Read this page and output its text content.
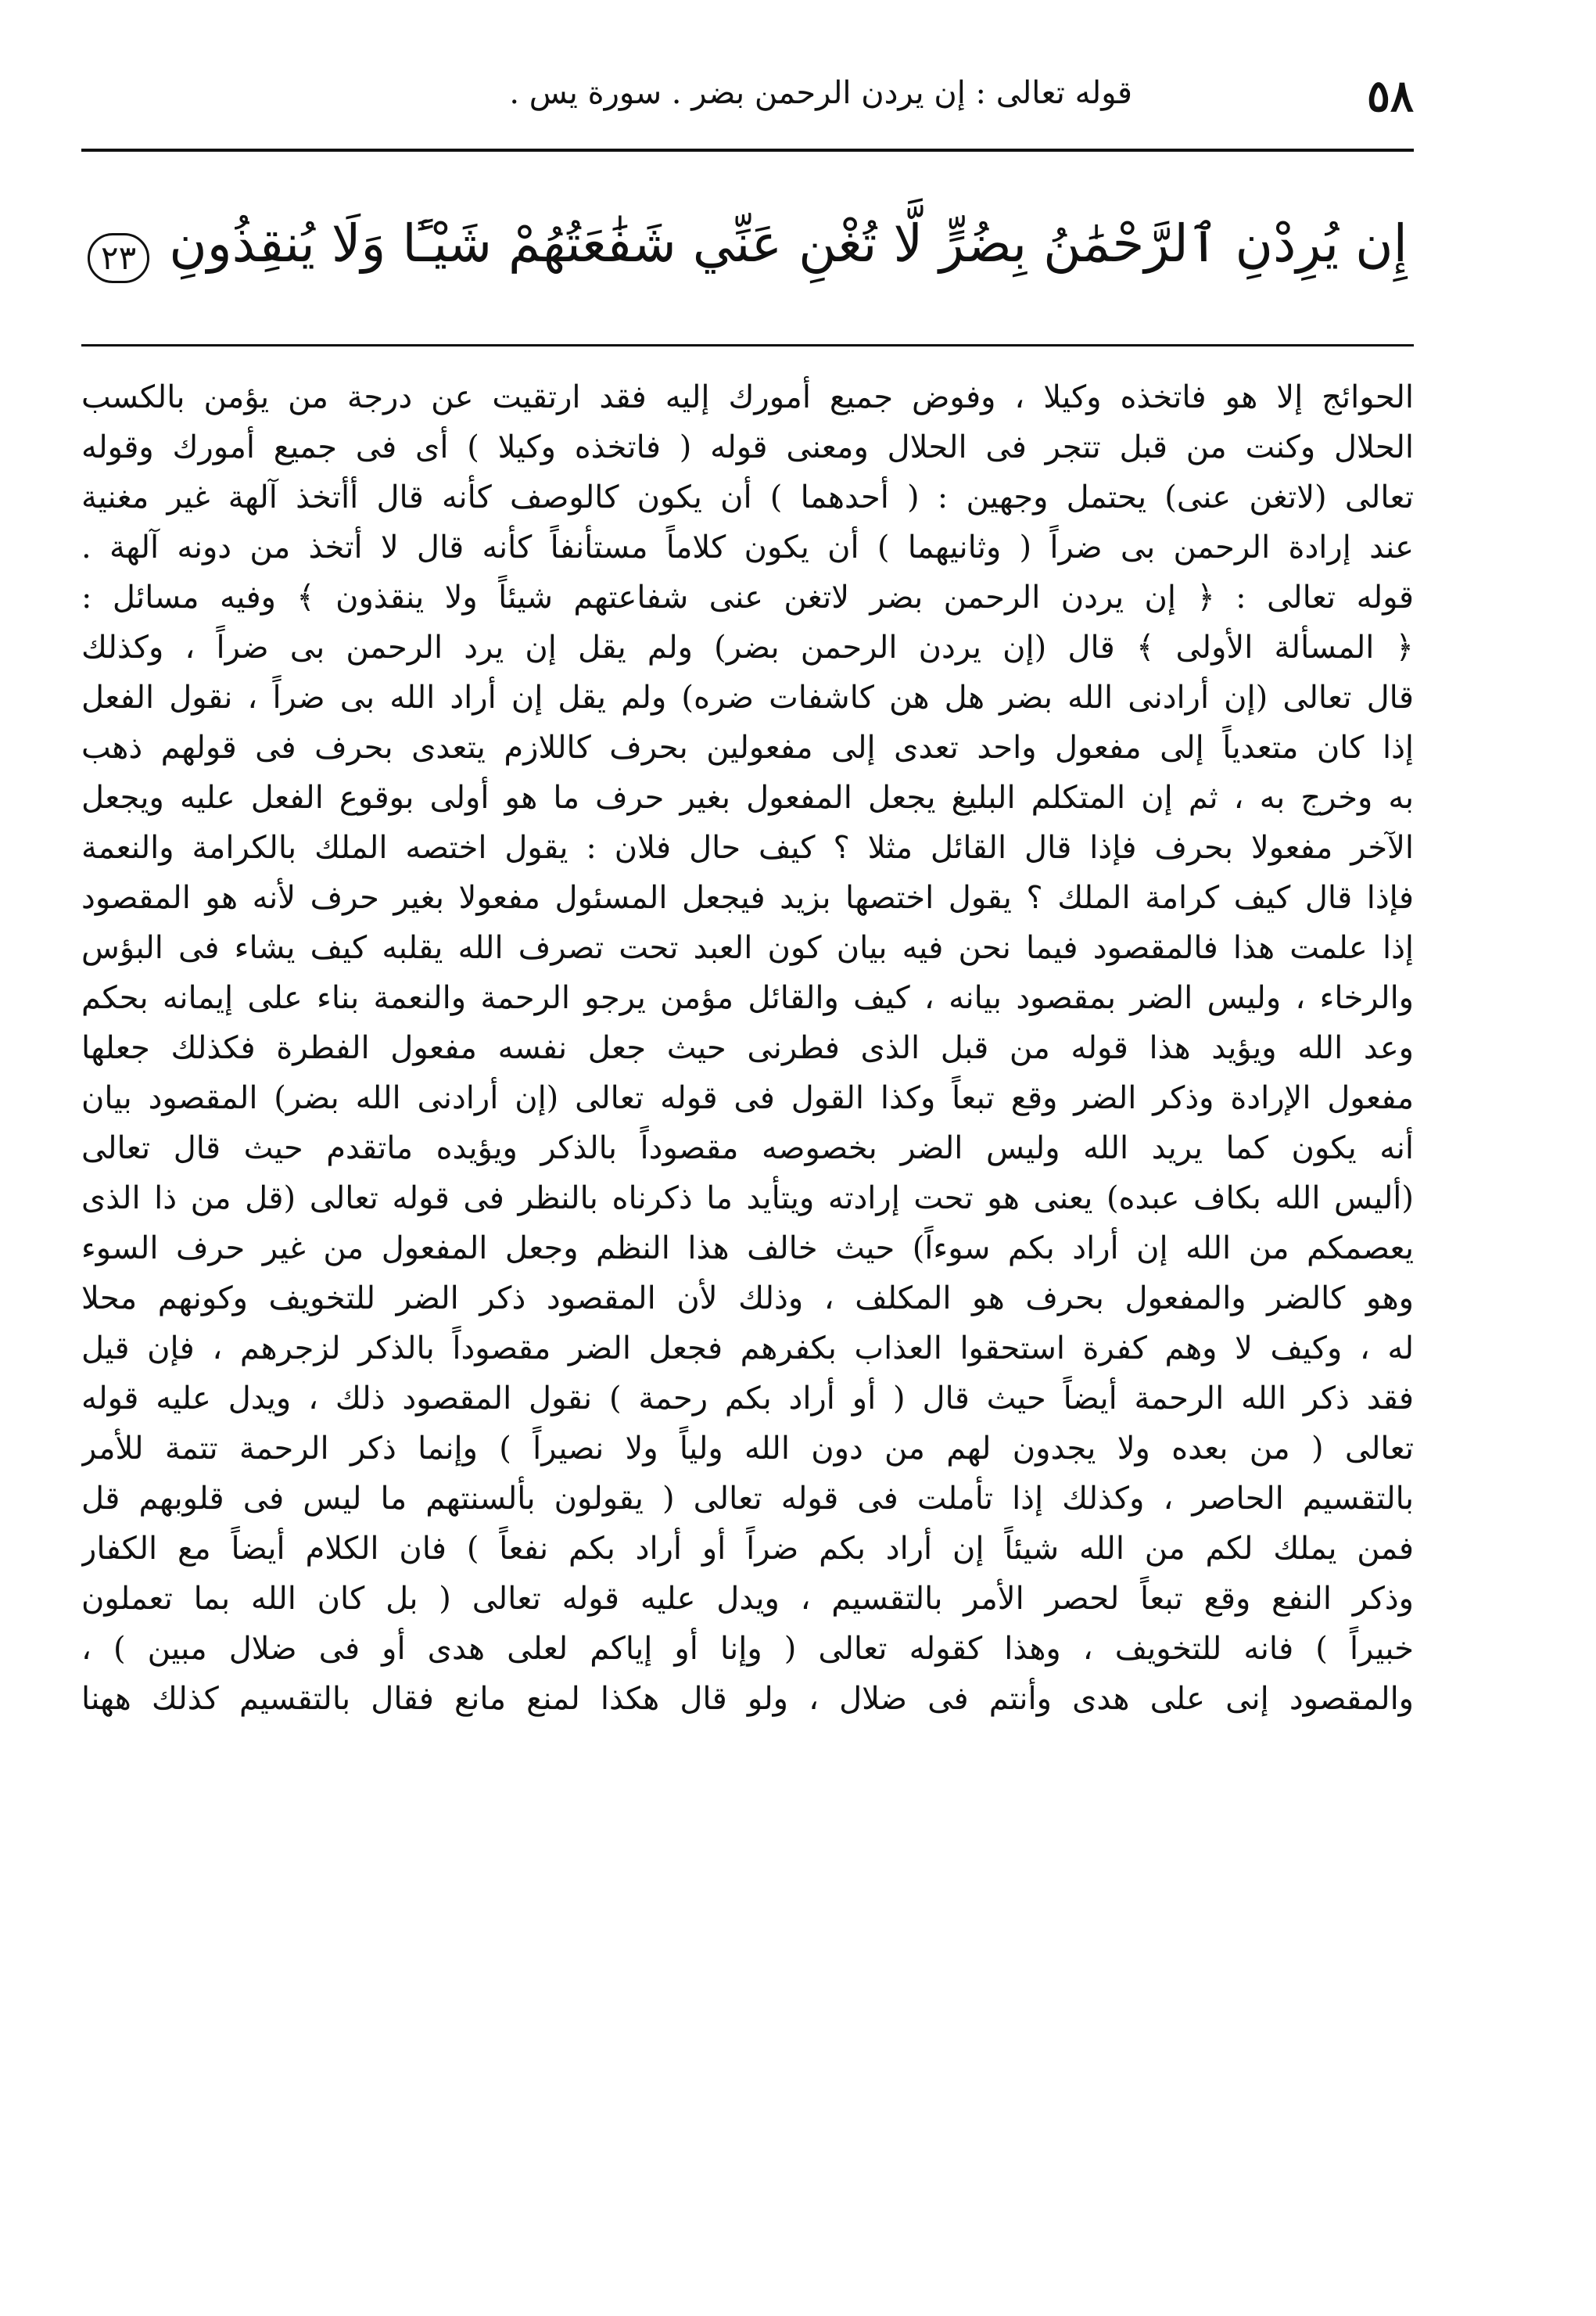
٥٨
قوله تعالى : إن يردن الرحمن بضر . سورة يس .
إِن يُرِدْنِ ٱلرَّحْمَٰنُ بِضُرٍّ لَّا تُغْنِ عَنِّي شَفَٰعَتُهُمْ شَيْـًٔا وَلَا يُنقِذُونِ ٢٣
الحوائج إلا هو فاتخذه وكيلا ، وفوض جميع أمورك إليه فقد ارتقيت عن درجة من يؤمن بالكسب
الحلال وكنت من قبل تتجر فى الحلال ومعنى قوله ( فاتخذه وكيلا ) أى فى جميع أمورك وقوله
تعالى (لاتغن عنى) يحتمل وجهين : ( أحدهما ) أن يكون كالوصف كأنه قال أأتخذ آلهة غير مغنية
عند إرادة الرحمن بى ضراً ( وثانيهما ) أن يكون كلاماً مستأنفاً كأنه قال لا أتخذ من دونه آلهة .
قوله تعالى : ﴿ إن يردن الرحمن بضر لاتغن عنى شفاعتهم شيئاً ولا ينقذون ﴾ وفيه مسائل :
﴿ المسألة الأولى ﴾ قال (إن يردن الرحمن بضر) ولم يقل إن يرد الرحمن بى ضراً ، وكذلك
قال تعالى (إن أرادنى الله بضر هل هن كاشفات ضره) ولم يقل إن أراد الله بى ضراً ، نقول الفعل
إذا كان متعدياً إلى مفعول واحد تعدى إلى مفعولين بحرف كاللازم يتعدى بحرف فى قولهم ذهب
به وخرج به ، ثم إن المتكلم البليغ يجعل المفعول بغير حرف ما هو أولى بوقوع الفعل عليه ويجعل
الآخر مفعولا بحرف فإذا قال القائل مثلا ؟ كيف حال فلان : يقول اختصه الملك بالكرامة والنعمة
فإذا قال كيف كرامة الملك ؟ يقول اختصها بزيد فيجعل المسئول مفعولا بغير حرف لأنه هو المقصود
إذا علمت هذا فالمقصود فيما نحن فيه بيان كون العبد تحت تصرف الله يقلبه كيف يشاء فى البؤس
والرخاء ، وليس الضر بمقصود بيانه ، كيف والقائل مؤمن يرجو الرحمة والنعمة بناء على إيمانه بحكم
وعد الله ويؤيد هذا قوله من قبل الذى فطرنى حيث جعل نفسه مفعول الفطرة فكذلك جعلها
مفعول الإرادة وذكر الضر وقع تبعاً وكذا القول فى قوله تعالى (إن أرادنى الله بضر) المقصود بيان
أنه يكون كما يريد الله وليس الضر بخصوصه مقصوداً بالذكر ويؤيده ماتقدم حيث قال تعالى
(أليس الله بكاف عبده) يعنى هو تحت إرادته ويتأيد ما ذكرناه بالنظر فى قوله تعالى (قل من ذا الذى
يعصمكم من الله إن أراد بكم سوءاً) حيث خالف هذا النظم وجعل المفعول من غير حرف السوء
وهو كالضر والمفعول بحرف هو المكلف ، وذلك لأن المقصود ذكر الضر للتخويف وكونهم محلا
له ، وكيف لا وهم كفرة استحقوا العذاب بكفرهم فجعل الضر مقصوداً بالذكر لزجرهم ، فإن قيل
فقد ذكر الله الرحمة أيضاً حيث قال ( أو أراد بكم رحمة ) نقول المقصود ذلك ، ويدل عليه قوله
تعالى ( من بعده ولا يجدون لهم من دون الله ولياً ولا نصيراً ) وإنما ذكر الرحمة تتمة للأمر
بالتقسيم الحاصر ، وكذلك إذا تأملت فى قوله تعالى ( يقولون بألسنتهم ما ليس فى قلوبهم قل
فمن يملك لكم من الله شيئاً إن أراد بكم ضراً أو أراد بكم نفعاً ) فان الكلام أيضاً مع الكفار
وذكر النفع وقع تبعاً لحصر الأمر بالتقسيم ، ويدل عليه قوله تعالى ( بل كان الله بما تعملون
خبيراً ) فانه للتخويف ، وهذا كقوله تعالى ( وإنا أو إياكم لعلى هدى أو فى ضلال مبين ) ،
والمقصود إنى على هدى وأنتم فى ضلال ، ولو قال هكذا لمنع مانع فقال بالتقسيم كذلك ههنا
